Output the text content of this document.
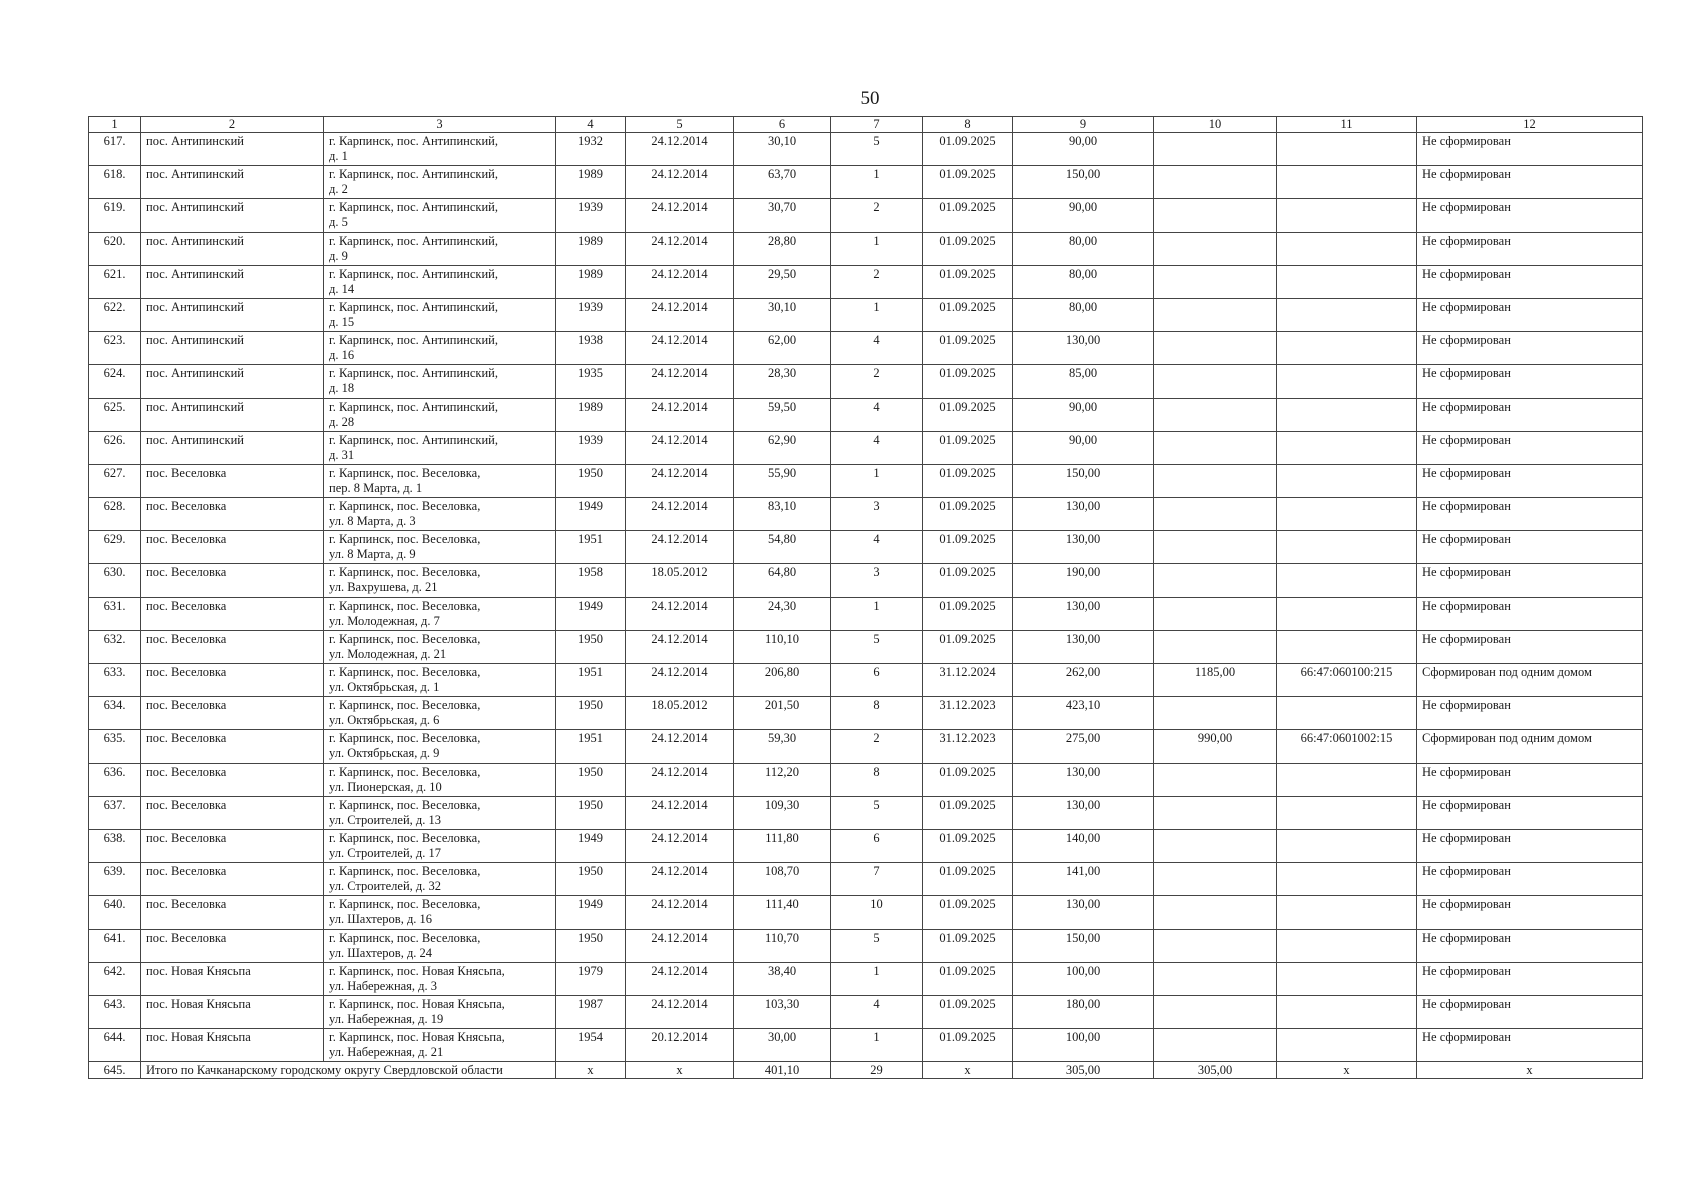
50
1	2	3	4	5	6	7	8	9	10	11	12
617.	пос. Антипинский	г. Карпинск, пос. Антипинский,
д. 1	1932	24.12.2014	30,10	5	01.09.2025	90,00			Не сформирован
618.	пос. Антипинский	г. Карпинск, пос. Антипинский,
д. 2	1989	24.12.2014	63,70	1	01.09.2025	150,00			Не сформирован
619.	пос. Антипинский	г. Карпинск, пос. Антипинский,
д. 5	1939	24.12.2014	30,70	2	01.09.2025	90,00			Не сформирован
620.	пос. Антипинский	г. Карпинск, пос. Антипинский,
д. 9	1989	24.12.2014	28,80	1	01.09.2025	80,00			Не сформирован
621.	пос. Антипинский	г. Карпинск, пос. Антипинский,
д. 14	1989	24.12.2014	29,50	2	01.09.2025	80,00			Не сформирован
622.	пос. Антипинский	г. Карпинск, пос. Антипинский,
д. 15	1939	24.12.2014	30,10	1	01.09.2025	80,00			Не сформирован
623.	пос. Антипинский	г. Карпинск, пос. Антипинский,
д. 16	1938	24.12.2014	62,00	4	01.09.2025	130,00			Не сформирован
624.	пос. Антипинский	г. Карпинск, пос. Антипинский,
д. 18	1935	24.12.2014	28,30	2	01.09.2025	85,00			Не сформирован
625.	пос. Антипинский	г. Карпинск, пос. Антипинский,
д. 28	1989	24.12.2014	59,50	4	01.09.2025	90,00			Не сформирован
626.	пос. Антипинский	г. Карпинск, пос. Антипинский,
д. 31	1939	24.12.2014	62,90	4	01.09.2025	90,00			Не сформирован
627.	пос. Веселовка	г. Карпинск, пос. Веселовка,
пер. 8 Марта, д. 1	1950	24.12.2014	55,90	1	01.09.2025	150,00			Не сформирован
628.	пос. Веселовка	г. Карпинск, пос. Веселовка,
ул. 8 Марта, д. 3	1949	24.12.2014	83,10	3	01.09.2025	130,00			Не сформирован
629.	пос. Веселовка	г. Карпинск, пос. Веселовка,
ул. 8 Марта, д. 9	1951	24.12.2014	54,80	4	01.09.2025	130,00			Не сформирован
630.	пос. Веселовка	г. Карпинск, пос. Веселовка,
ул. Вахрушева, д. 21	1958	18.05.2012	64,80	3	01.09.2025	190,00			Не сформирован
631.	пос. Веселовка	г. Карпинск, пос. Веселовка,
ул. Молодежная, д. 7	1949	24.12.2014	24,30	1	01.09.2025	130,00			Не сформирован
632.	пос. Веселовка	г. Карпинск, пос. Веселовка,
ул. Молодежная, д. 21	1950	24.12.2014	110,10	5	01.09.2025	130,00			Не сформирован
633.	пос. Веселовка	г. Карпинск, пос. Веселовка,
ул. Октябрьская, д. 1	1951	24.12.2014	206,80	6	31.12.2024	262,00	1185,00	66:47:060100:215	Сформирован под одним домом
634.	пос. Веселовка	г. Карпинск, пос. Веселовка,
ул. Октябрьская, д. 6	1950	18.05.2012	201,50	8	31.12.2023	423,10			Не сформирован
635.	пос. Веселовка	г. Карпинск, пос. Веселовка,
ул. Октябрьская, д. 9	1951	24.12.2014	59,30	2	31.12.2023	275,00	990,00	66:47:0601002:15	Сформирован под одним домом
636.	пос. Веселовка	г. Карпинск, пос. Веселовка,
ул. Пионерская, д. 10	1950	24.12.2014	112,20	8	01.09.2025	130,00			Не сформирован
637.	пос. Веселовка	г. Карпинск, пос. Веселовка,
ул. Строителей, д. 13	1950	24.12.2014	109,30	5	01.09.2025	130,00			Не сформирован
638.	пос. Веселовка	г. Карпинск, пос. Веселовка,
ул. Строителей, д. 17	1949	24.12.2014	111,80	6	01.09.2025	140,00			Не сформирован
639.	пос. Веселовка	г. Карпинск, пос. Веселовка,
ул. Строителей, д. 32	1950	24.12.2014	108,70	7	01.09.2025	141,00			Не сформирован
640.	пос. Веселовка	г. Карпинск, пос. Веселовка,
ул. Шахтеров, д. 16	1949	24.12.2014	111,40	10	01.09.2025	130,00			Не сформирован
641.	пос. Веселовка	г. Карпинск, пос. Веселовка,
ул. Шахтеров, д. 24	1950	24.12.2014	110,70	5	01.09.2025	150,00			Не сформирован
642.	пос. Новая Княсьпа	г. Карпинск, пос. Новая Княсьпа,
ул. Набережная, д. 3	1979	24.12.2014	38,40	1	01.09.2025	100,00			Не сформирован
643.	пос. Новая Княсьпа	г. Карпинск, пос. Новая Княсьпа,
ул. Набережная, д. 19	1987	24.12.2014	103,30	4	01.09.2025	180,00			Не сформирован
644.	пос. Новая Княсьпа	г. Карпинск, пос. Новая Княсьпа,
ул. Набережная, д. 21	1954	20.12.2014	30,00	1	01.09.2025	100,00			Не сформирован
645.	Итого по Качканарскому городскому округу Свердловской области		х	х	401,10	29	х	305,00	305,00	х	х
